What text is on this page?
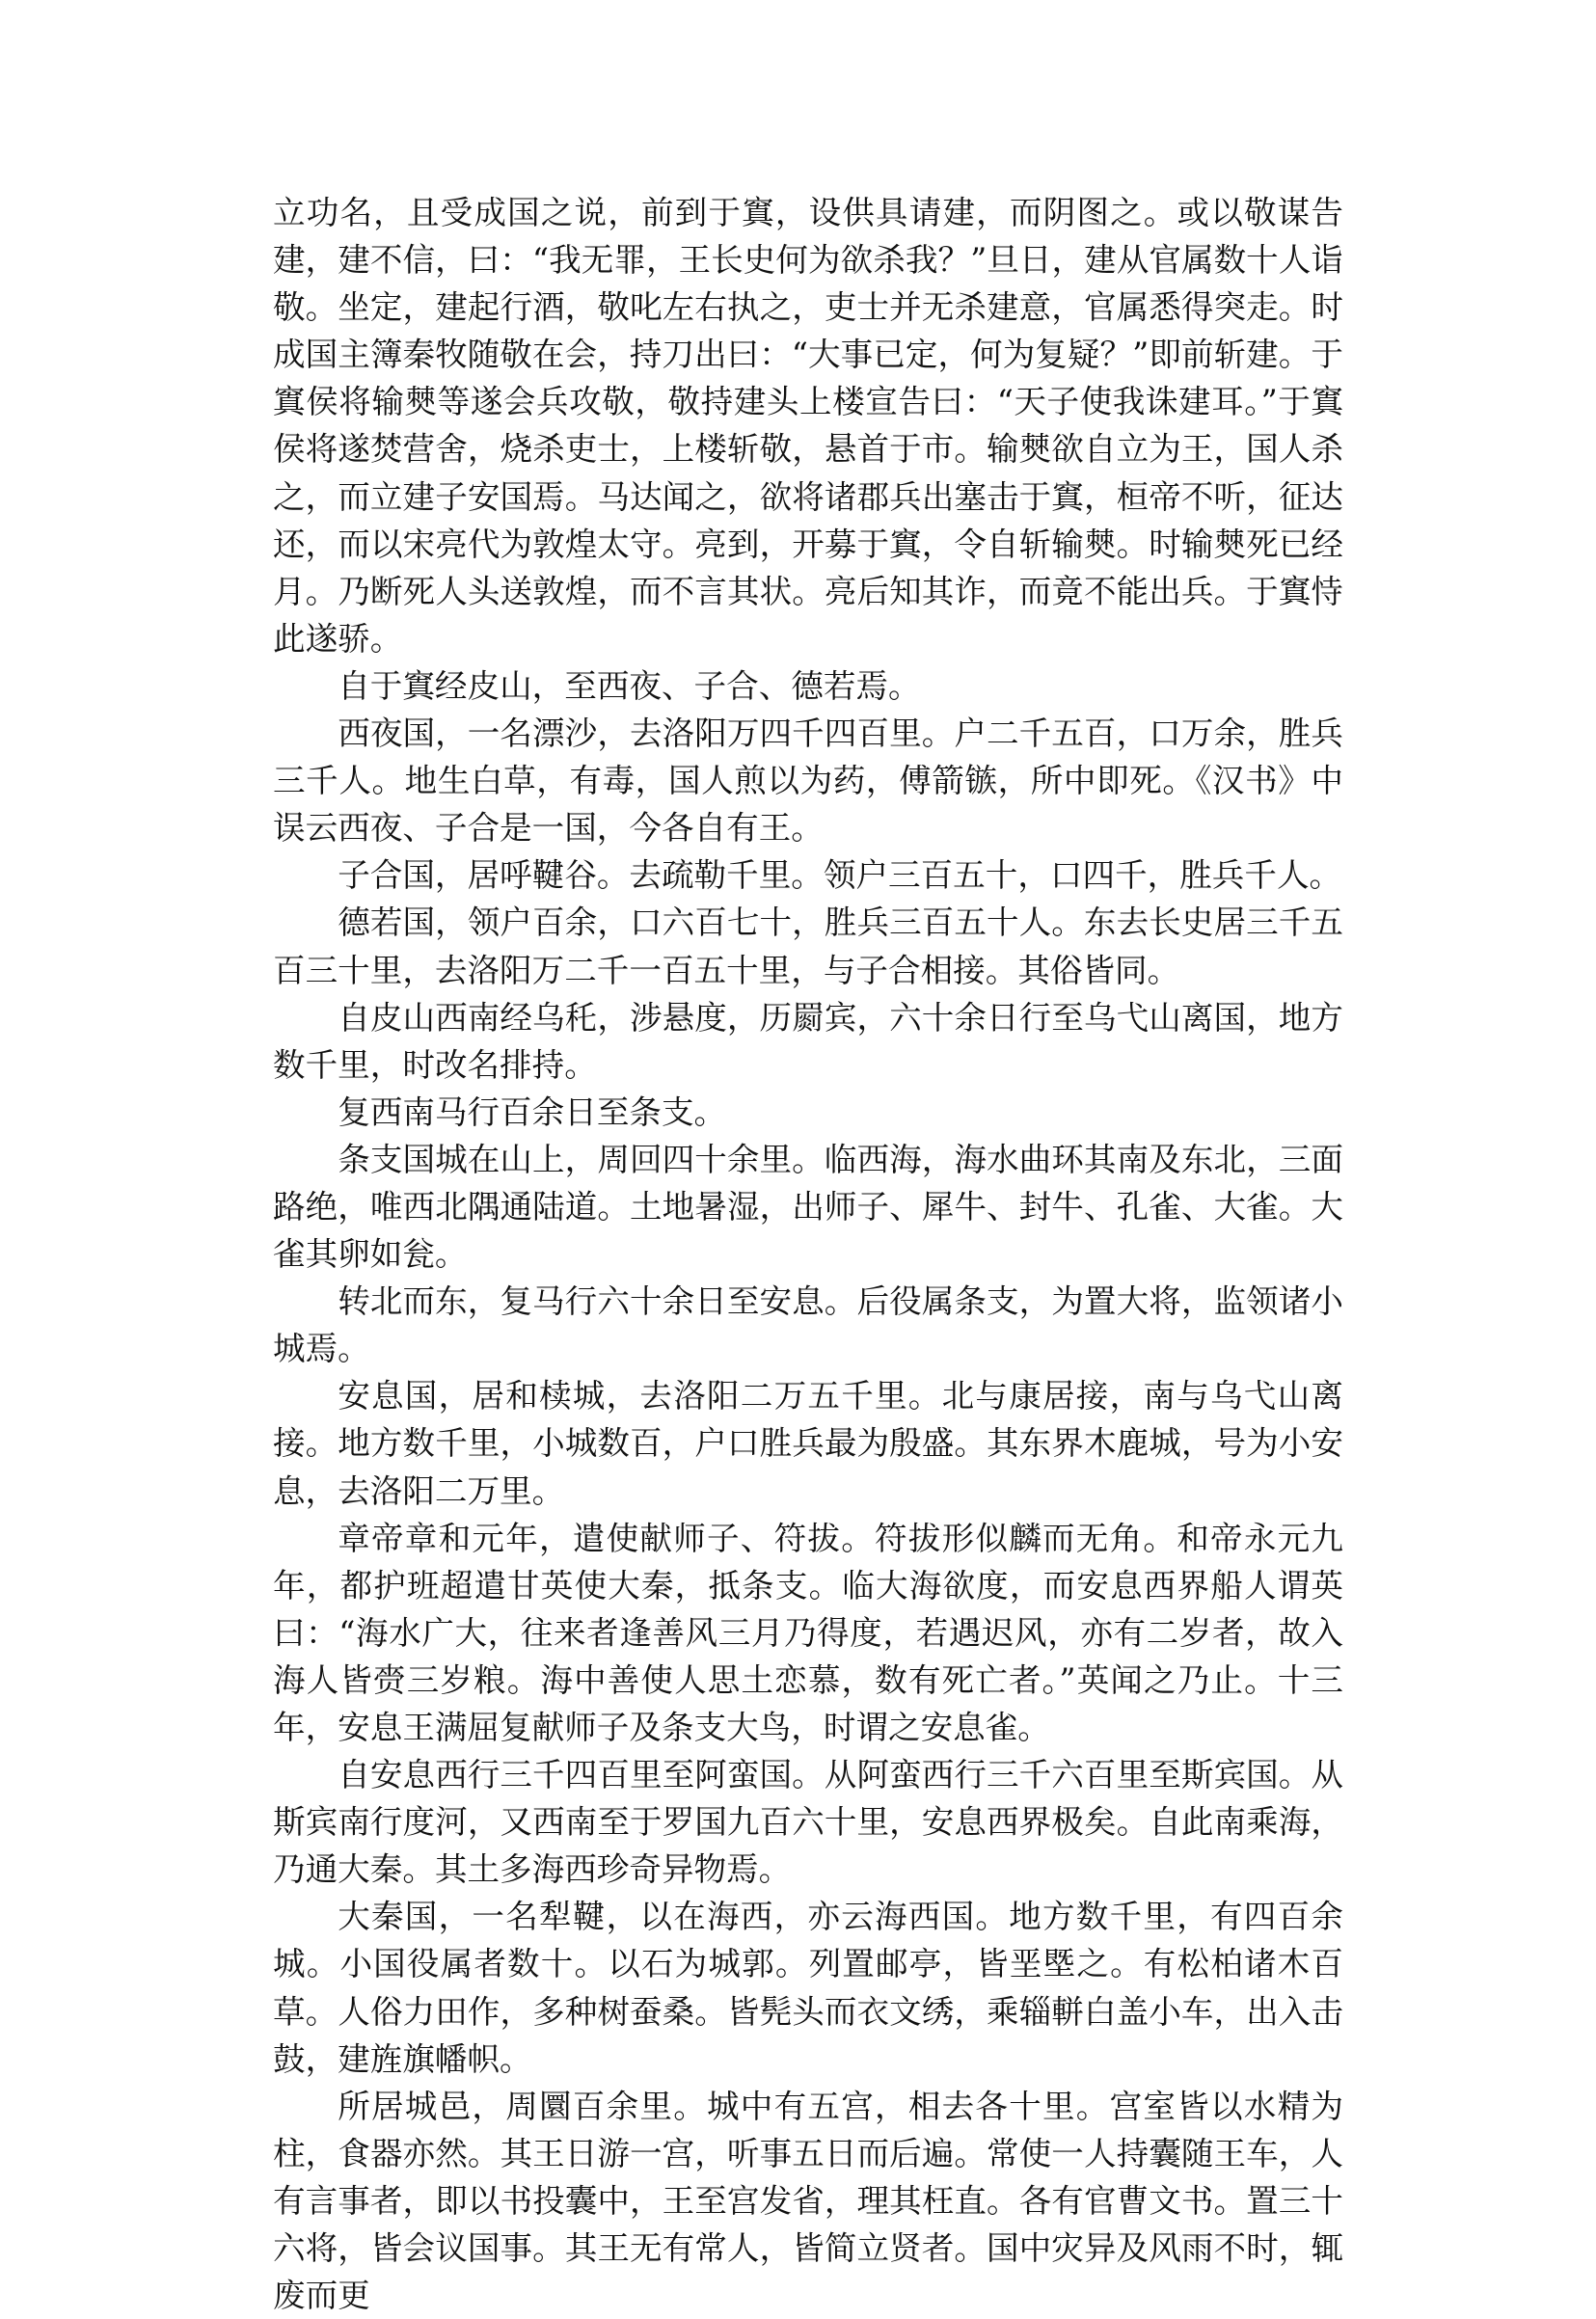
立功名，且受成国之说，前到于窴，设供具请建，而阴图之。或以敬谋告建，建不信，曰：“我无罪，王长史何为欲杀我？”旦日，建从官属数十人诣敬。坐定，建起行酒，敬叱左右执之，吏士并无杀建意，官属悉得突走。时成国主簿秦牧随敬在会，持刀出曰：“大事已定，何为复疑？”即前斩建。于窴侯将输僰等遂会兵攻敬，敬持建头上楼宣告曰：“天子使我诛建耳。”于窴侯将遂焚营舍，烧杀吏士，上楼斩敬，悬首于市。输僰欲自立为王，国人杀之，而立建子安国焉。马达闻之，欲将诸郡兵出塞击于窴，桓帝不听，征达还，而以宋亮代为敦煌太守。亮到，开募于窴，令自斩输僰。时输僰死已经月。乃断死人头送敦煌，而不言其状。亮后知其诈，而竟不能出兵。于窴恃此遂骄。

自于窴经皮山，至西夜、子合、德若焉。

西夜国，一名漂沙，去洛阳万四千四百里。户二千五百，口万余，胜兵三千人。地生白草，有毒，国人煎以为药，傅箭镞，所中即死。《汉书》中误云西夜、子合是一国，今各自有王。

子合国，居呼鞬谷。去疏勒千里。领户三百五十，口四千，胜兵千人。

德若国，领户百余，口六百七十，胜兵三百五十人。东去长史居三千五百三十里，去洛阳万二千一百五十里，与子合相接。其俗皆同。

自皮山西南经乌秅，涉悬度，历罽宾，六十余日行至乌弋山离国，地方数千里，时改名排持。

复西南马行百余日至条支。

条支国城在山上，周回四十余里。临西海，海水曲环其南及东北，三面路绝，唯西北隅通陆道。土地暑湿，出师子、犀牛、封牛、孔雀、大雀。大雀其卵如瓮。

转北而东，复马行六十余日至安息。后役属条支，为置大将，监领诸小城焉。

安息国，居和椟城，去洛阳二万五千里。北与康居接，南与乌弋山离接。地方数千里，小城数百，户口胜兵最为殷盛。其东界木鹿城，号为小安息，去洛阳二万里。

章帝章和元年，遣使献师子、符拔。符拔形似麟而无角。和帝永元九年，都护班超遣甘英使大秦，抵条支。临大海欲度，而安息西界船人谓英曰：“海水广大，往来者逢善风三月乃得度，若遇迟风，亦有二岁者，故入海人皆赍三岁粮。海中善使人思土恋慕，数有死亡者。”英闻之乃止。十三年，安息王满屈复献师子及条支大鸟，时谓之安息雀。

自安息西行三千四百里至阿蛮国。从阿蛮西行三千六百里至斯宾国。从斯宾南行度河，又西南至于罗国九百六十里，安息西界极矣。自此南乘海，乃通大秦。其土多海西珍奇异物焉。

大秦国，一名犁鞬，以在海西，亦云海西国。地方数千里，有四百余城。小国役属者数十。以石为城郭。列置邮亭，皆垩塈之。有松柏诸木百草。人俗力田作，多种树蚕桑。皆髡头而衣文绣，乘辎軿白盖小车，出入击鼓，建旌旗幡帜。

所居城邑，周圜百余里。城中有五宫，相去各十里。宫室皆以水精为柱，食器亦然。其王日游一宫，听事五日而后遍。常使一人持囊随王车，人有言事者，即以书投囊中，王至宫发省，理其枉直。各有官曹文书。置三十六将，皆会议国事。其王无有常人，皆简立贤者。国中灾异及风雨不时，辄废而更
